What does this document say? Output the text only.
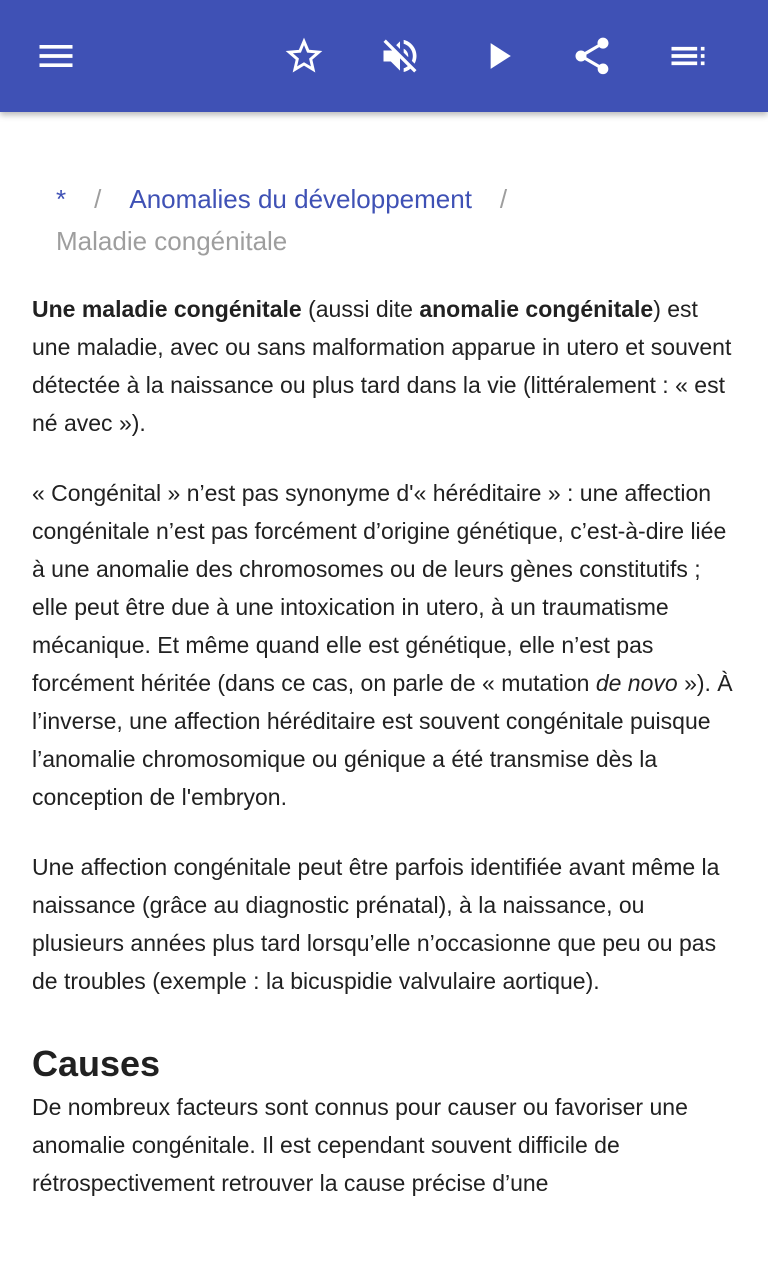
* / Anomalies du développement /
Maladie congénitale

Une maladie congénitale (aussi dite anomalie congénitale) est une maladie, avec ou sans malformation apparue in utero et souvent détectée à la naissance ou plus tard dans la vie (littéralement : « est né avec »).

« Congénital » n’est pas synonyme d'« héréditaire » : une affection congénitale n’est pas forcément d’origine génétique, c’est-à-dire liée à une anomalie des chromosomes ou de leurs gènes constitutifs ; elle peut être due à une intoxication in utero, à un traumatisme mécanique. Et même quand elle est génétique, elle n’est pas forcément héritée (dans ce cas, on parle de « mutation de novo »). À l’inverse, une affection héréditaire est souvent congénitale puisque l’anomalie chromosomique ou génique a été transmise dès la conception de l'embryon.

Une affection congénitale peut être parfois identifiée avant même la naissance (grâce au diagnostic prénatal), à la naissance, ou plusieurs années plus tard lorsqu’elle n’occasionne que peu ou pas de troubles (exemple : la bicuspidie valvulaire aortique).

Causes

De nombreux facteurs sont connus pour causer ou favoriser une anomalie congénitale. Il est cependant souvent difficile de rétrospectivement retrouver la cause précise d’une
